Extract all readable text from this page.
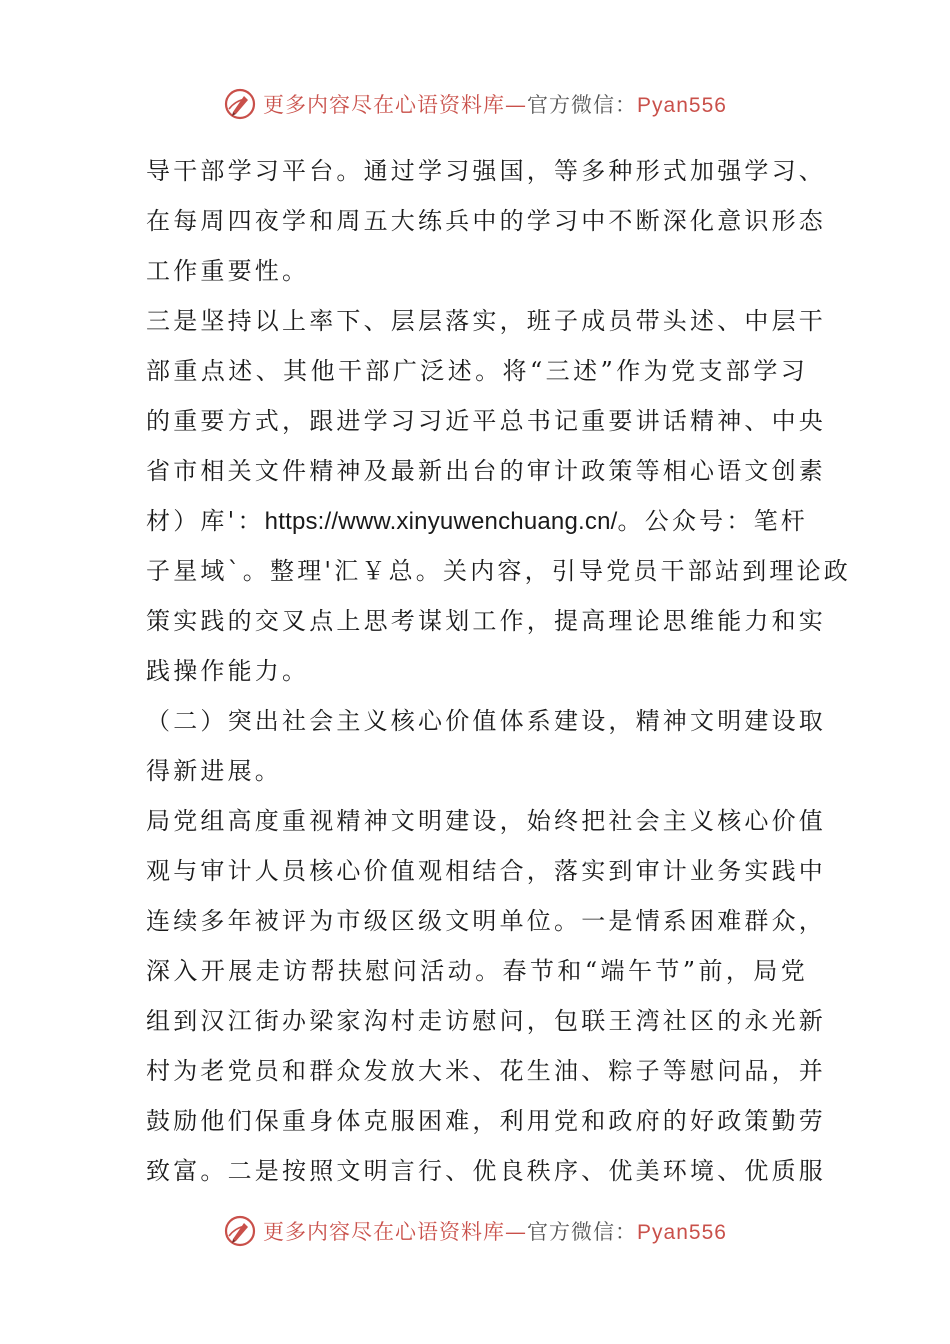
更多内容尽在心语资料库—官方微信：Pyan556
导干部学习平台。通过学习强国，等多种形式加强学习、
在每周四夜学和周五大练兵中的学习中不断深化意识形态
工作重要性。
三是坚持以上率下、层层落实，班子成员带头述、中层干
部重点述、其他干部广泛述。将“三述”作为党支部学习
的重要方式，跟进学习习近平总书记重要讲话精神、中央
省市相关文件精神及最新出台的审计政策等相心语文创素
材）库'：https://www.xinyuwenchuang.cn/。公众号：笔杆
子星域`。整理'汇￥总。关内容，引导党员干部站到理论政
策实践的交叉点上思考谋划工作，提高理论思维能力和实
践操作能力。
（二）突出社会主义核心价值体系建设，精神文明建设取
得新进展。
局党组高度重视精神文明建设，始终把社会主义核心价值
观与审计人员核心价值观相结合，落实到审计业务实践中
连续多年被评为市级区级文明单位。一是情系困难群众，
深入开展走访帮扶慰问活动。春节和“端午节”前，局党
组到汉江街办梁家沟村走访慰问，包联王湾社区的永光新
村为老党员和群众发放大米、花生油、粽子等慰问品，并
鼓励他们保重身体克服困难，利用党和政府的好政策勤劳
致富。二是按照文明言行、优良秩序、优美环境、优质服
更多内容尽在心语资料库—官方微信：Pyan556
